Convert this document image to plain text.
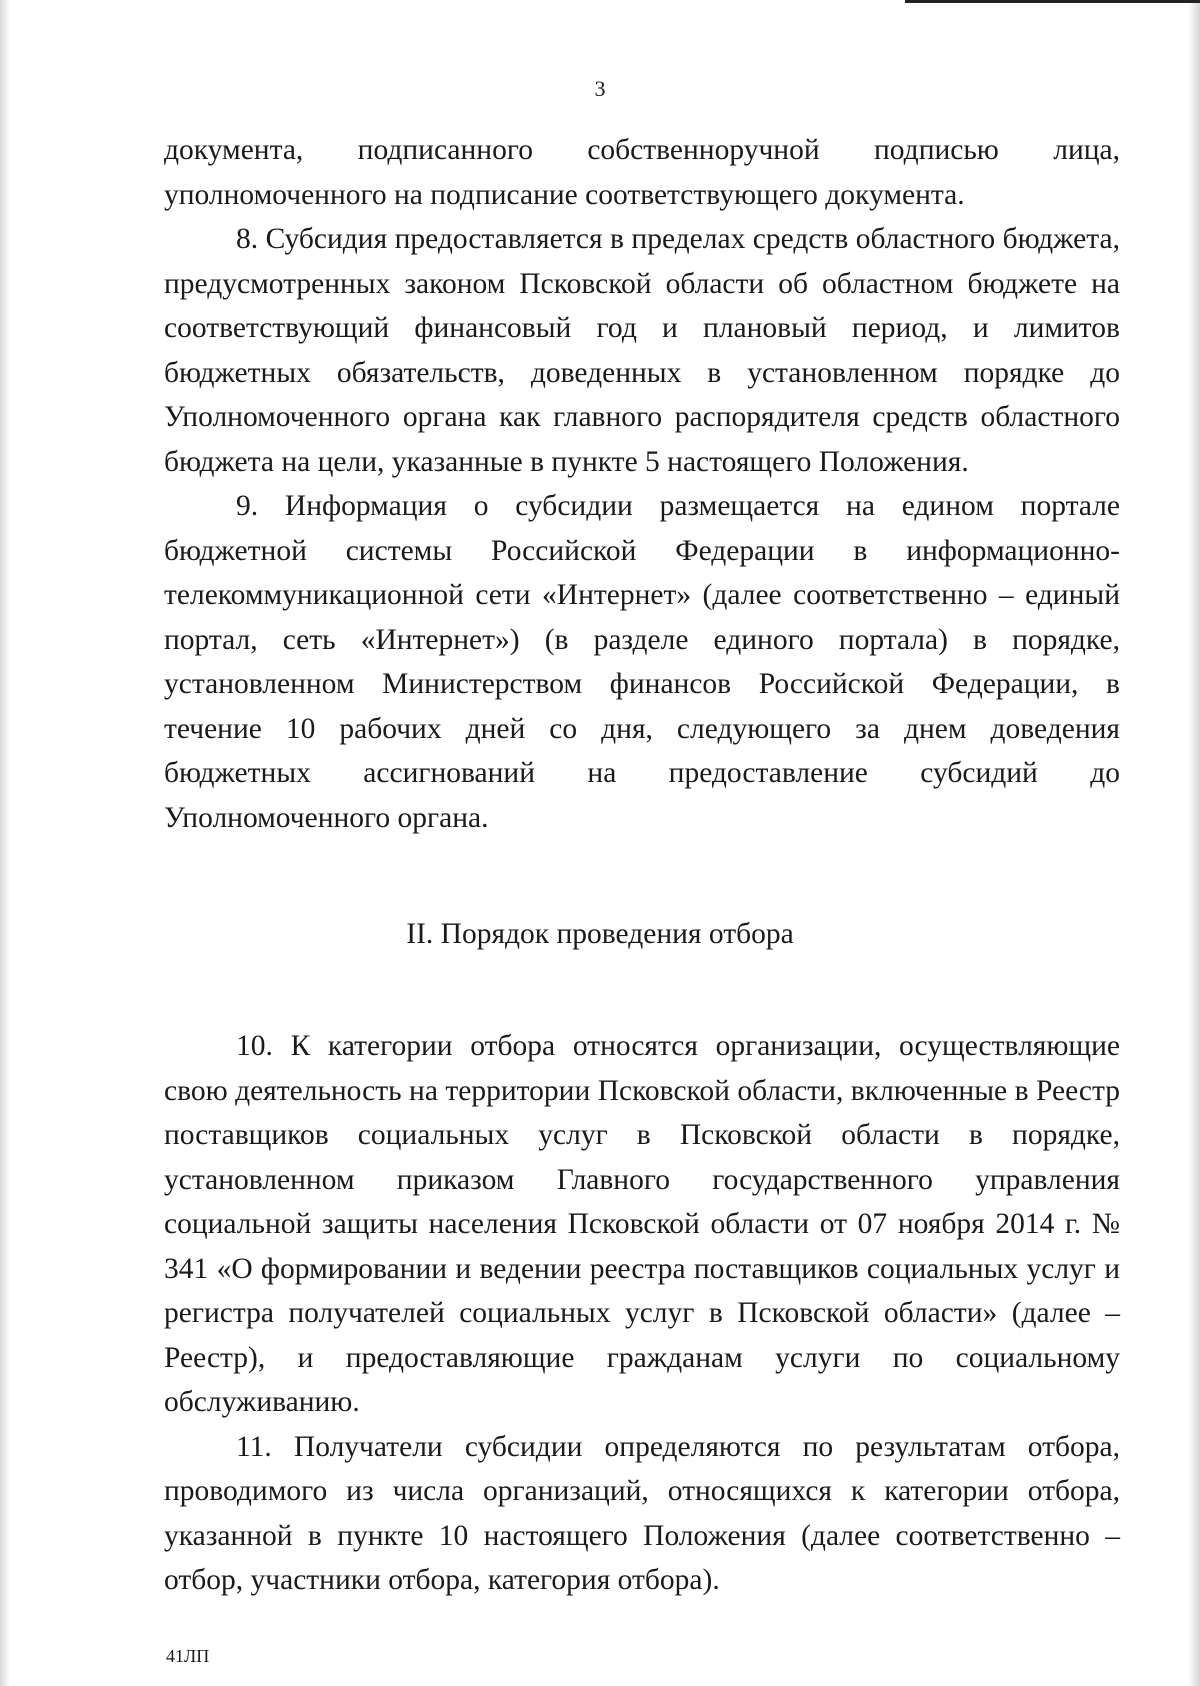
3

документа, подписанного собственноручной подписью лица, уполномоченного на подписание соответствующего документа.

8. Субсидия предоставляется в пределах средств областного бюджета, предусмотренных законом Псковской области об областном бюджете на соответствующий финансовый год и плановый период, и лимитов бюджетных обязательств, доведенных в установленном порядке до Уполномоченного органа как главного распорядителя средств областного бюджета на цели, указанные в пункте 5 настоящего Положения.

9. Информация о субсидии размещается на едином портале бюджетной системы Российской Федерации в информационно-телекоммуникационной сети «Интернет» (далее соответственно – единый портал, сеть «Интернет») (в разделе единого портала) в порядке, установленном Министерством финансов Российской Федерации, в течение 10 рабочих дней со дня, следующего за днем доведения бюджетных ассигнований на предоставление субсидий до Уполномоченного органа.

II. Порядок проведения отбора

10. К категории отбора относятся организации, осуществляющие свою деятельность на территории Псковской области, включенные в Реестр поставщиков социальных услуг в Псковской области в порядке, установленном приказом Главного государственного управления социальной защиты населения Псковской области от 07 ноября 2014 г. № 341 «О формировании и ведении реестра поставщиков социальных услуг и регистра получателей социальных услуг в Псковской области» (далее – Реестр), и предоставляющие гражданам услуги по социальному обслуживанию.

11. Получатели субсидии определяются по результатам отбора, проводимого из числа организаций, относящихся к категории отбора, указанной в пункте 10 настоящего Положения (далее соответственно – отбор, участники отбора, категория отбора).

41ЛП
